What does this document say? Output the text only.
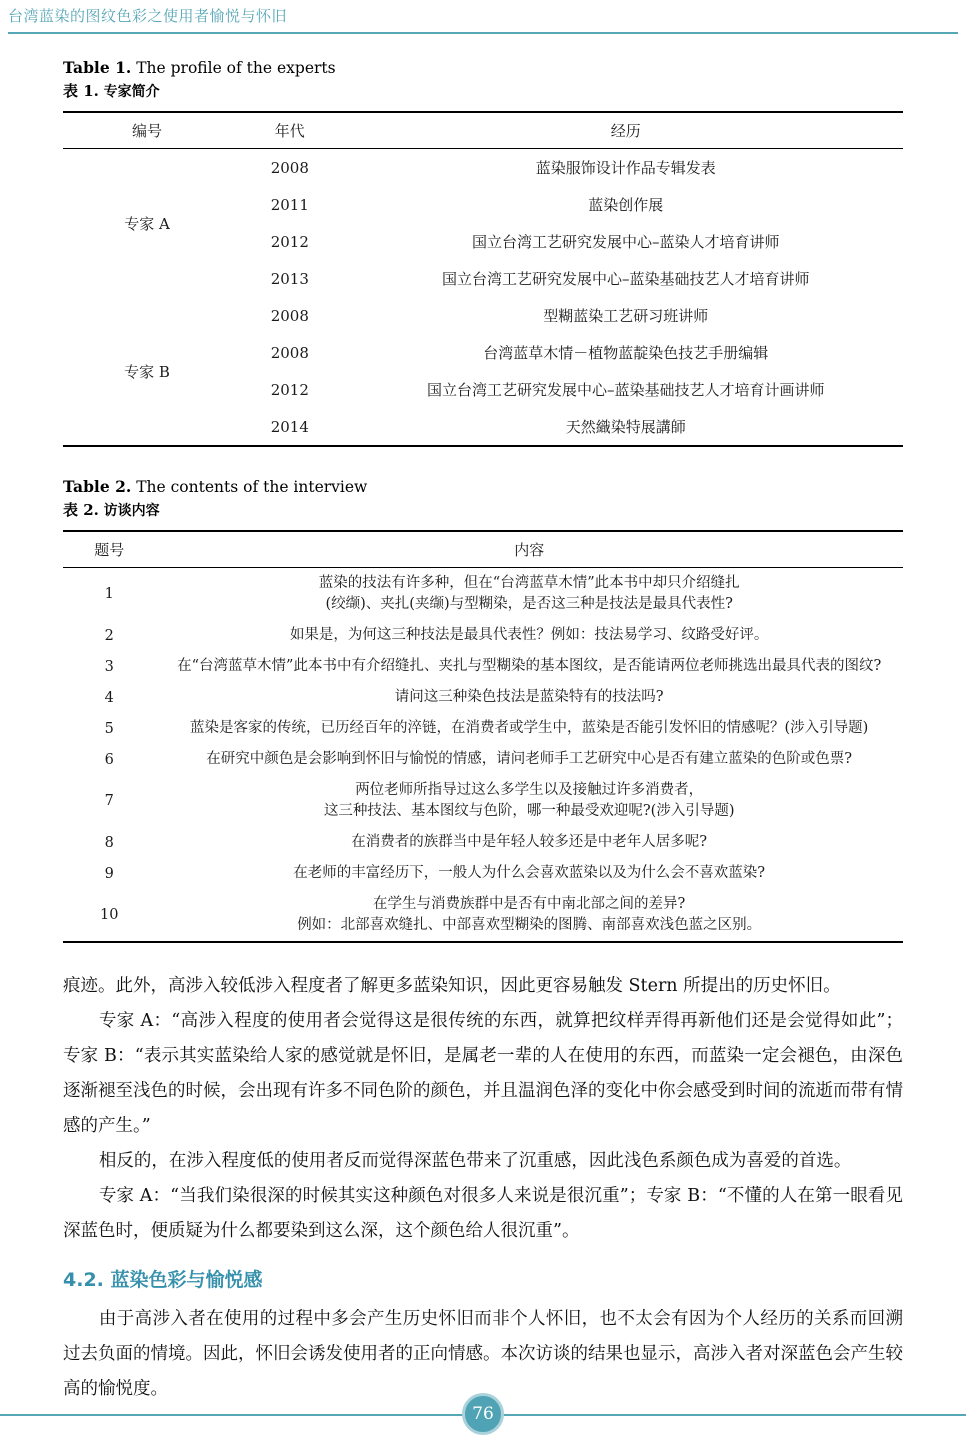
台湾蓝染的图纹色彩之使用者愉悦与怀旧
Table 1. The profile of the experts
表 1. 专家简介
编号	年代	经历
专家 A	2008	蓝染服饰设计作品专辑发表
	2011	蓝染创作展
	2012	国立台湾工艺研究发展中心–蓝染人才培育讲师
	2013	国立台湾工艺研究发展中心–蓝染基础技艺人才培育讲师
专家 B	2008	型糊蓝染工艺研习班讲师
	2008	台湾蓝草木情－植物蓝靛染色技艺手册编辑
	2012	国立台湾工艺研究发展中心–蓝染基础技艺人才培育计画讲师
	2014	天然織染特展講師
Table 2. The contents of the interview
表 2. 访谈内容
题号	内容
1	蓝染的技法有许多种，但在“台湾蓝草木情”此本书中却只介绍缝扎
(绞缬)、夹扎(夹缬)与型糊染，是否这三种是技法是最具代表性?

2	如果是，为何这三种技法是最具代表性？例如：技法易学习、纹路受好评。

3	在“台湾蓝草木情”此本书中有介绍缝扎、夹扎与型糊染的基本图纹，是否能请两位老师挑选出最具代表的图纹?

4	请问这三种染色技法是蓝染特有的技法吗?

5	蓝染是客家的传统，已历经百年的淬链，在消费者或学生中，蓝染是否能引发怀旧的情感呢？(涉入引导题)

6	在研究中颜色是会影响到怀旧与愉悦的情感，请问老师手工艺研究中心是否有建立蓝染的色阶或色票?

7	两位老师所指导过这么多学生以及接触过许多消费者，
这三种技法、基本图纹与色阶，哪一种最受欢迎呢?(涉入引导题)

8	在消费者的族群当中是年轻人较多还是中老年人居多呢?

9	在老师的丰富经历下，一般人为什么会喜欢蓝染以及为什么会不喜欢蓝染?

10	在学生与消费族群中是否有中南北部之间的差异?
例如：北部喜欢缝扎、中部喜欢型糊染的图腾、南部喜欢浅色蓝之区别。

痕迹。此外，高涉入较低涉入程度者了解更多蓝染知识，因此更容易触发 Stern 所提出的历史怀旧。

专家 A：“高涉入程度的使用者会觉得这是很传统的东西，就算把纹样弄得再新他们还是会觉得如此”；专家 B：“表示其实蓝染给人家的感觉就是怀旧，是属老一辈的人在使用的东西，而蓝染一定会褪色，由深色逐渐褪至浅色的时候，会出现有许多不同色阶的颜色，并且温润色泽的变化中你会感受到时间的流逝而带有情感的产生。”

相反的，在涉入程度低的使用者反而觉得深蓝色带来了沉重感，因此浅色系颜色成为喜爱的首选。

专家 A：“当我们染很深的时候其实这种颜色对很多人来说是很沉重”；专家 B：“不懂的人在第一眼看见深蓝色时，便质疑为什么都要染到这么深，这个颜色给人很沉重”。

4.2. 蓝染色彩与愉悦感

由于高涉入者在使用的过程中多会产生历史怀旧而非个人怀旧，也不太会有因为个人经历的关系而回溯过去负面的情境。因此，怀旧会诱发使用者的正向情感。本次访谈的结果也显示，高涉入者对深蓝色会产生较高的愉悦度。

76
